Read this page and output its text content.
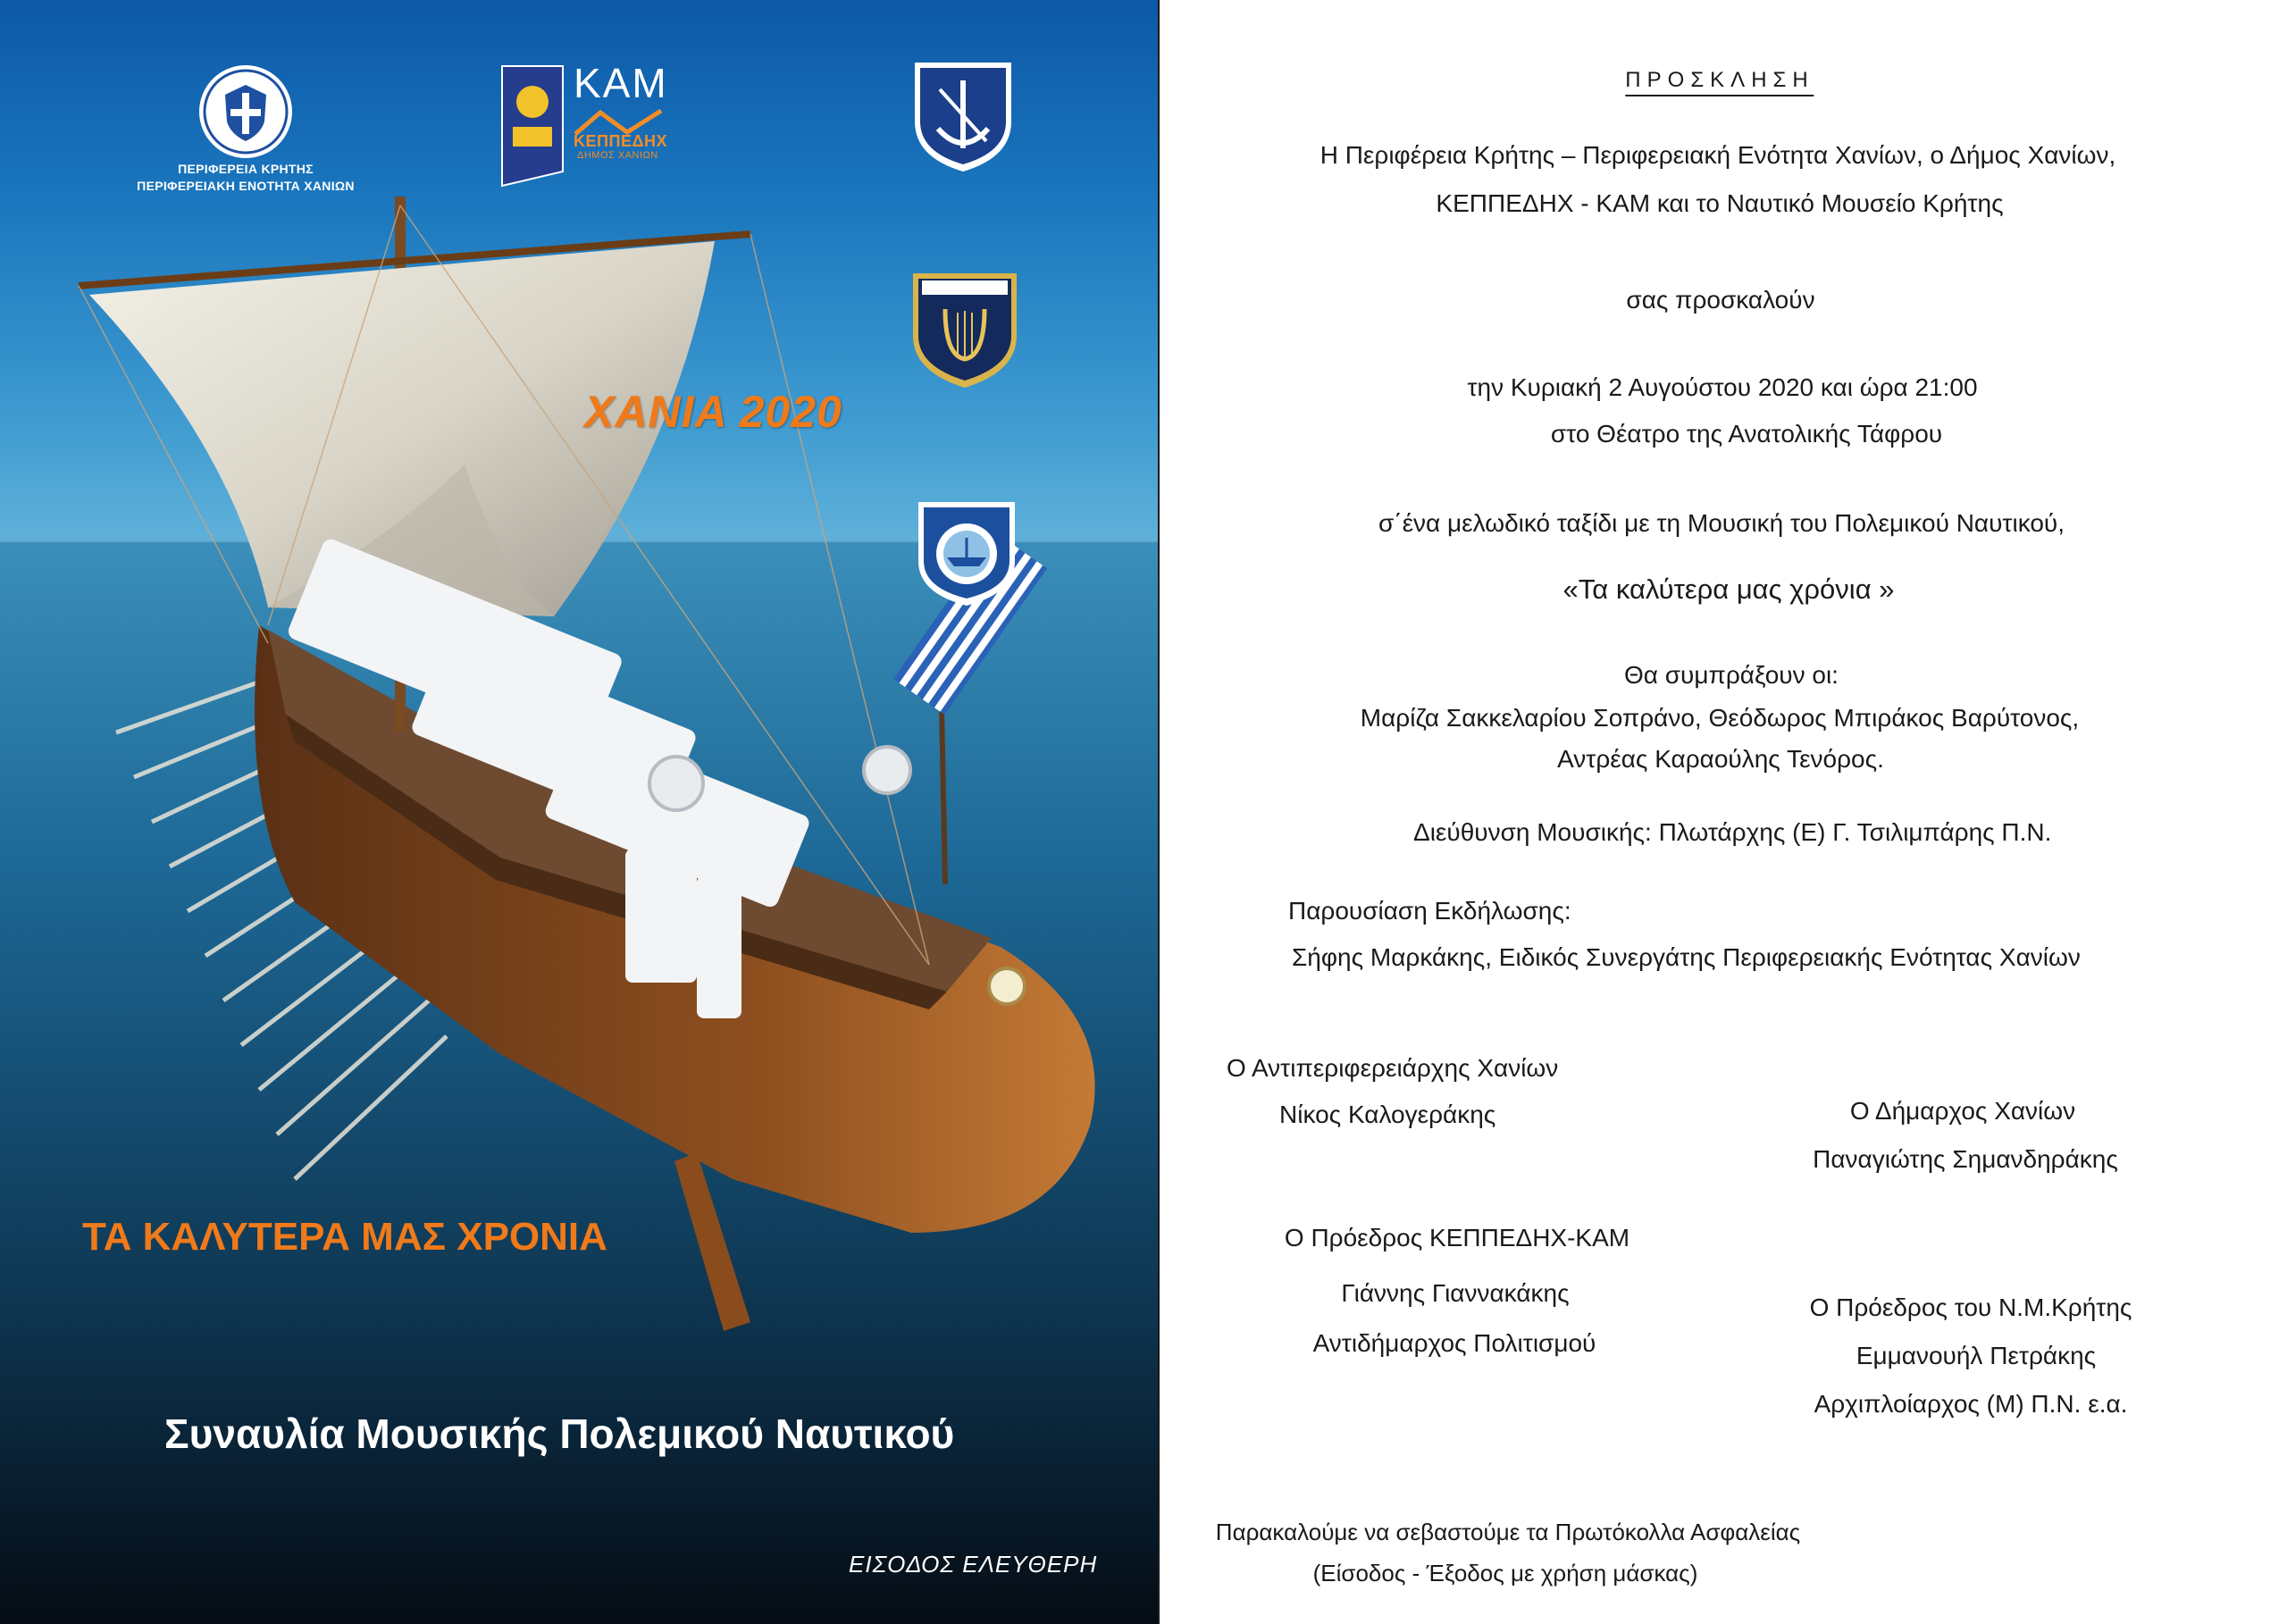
ΠΕΡΙΦΕΡΕΙΑ ΚΡΗΤΗΣ
ΠΕΡΙΦΕΡΕΙΑΚΗ ΕΝΟΤΗΤΑ ΧΑΝΙΩΝ
ΚΑΜ
ΚΕΠΠΕΔΗΧ
ΔΗΜΟΣ ΧΑΝΙΩΝ
ΧΑΝΙΑ 2020
ΤΑ ΚΑΛΥΤΕΡΑ ΜΑΣ ΧΡΟΝΙΑ
Συναυλία Μουσικής Πολεμικού Ναυτικού
ΕΙΣΟΔΟΣ ΕΛΕΥΘΕΡΗ
ΠΡΟΣΚΛΗΣΗ
Η Περιφέρεια Κρήτης – Περιφερειακή Ενότητα Χανίων, ο Δήμος Χανίων,
ΚΕΠΠΕΔΗΧ - ΚΑΜ και το Ναυτικό Μουσείο Κρήτης
σας προσκαλούν
την Κυριακή 2 Αυγούστου 2020 και ώρα 21:00
στο Θέατρο της Ανατολικής Τάφρου
σ΄ένα μελωδικό ταξίδι με τη Μουσική του Πολεμικού Ναυτικού,
«Τα καλύτερα μας χρόνια »
Θα συμπράξουν οι:
Μαρίζα Σακκελαρίου Σοπράνο, Θεόδωρος Μπιράκος Βαρύτονος,
Αντρέας Καραούλης Τενόρος.
Διεύθυνση Μουσικής: Πλωτάρχης (Ε) Γ. Τσιλιμπάρης Π.Ν.
Παρουσίαση Εκδήλωσης:
Σήφης Μαρκάκης, Ειδικός Συνεργάτης Περιφερειακής Ενότητας Χανίων
Ο Αντιπεριφερειάρχης Χανίων
Νίκος Καλογεράκης	Ο Δήμαρχος Χανίων
Παναγιώτης Σημανδηράκης
Ο Πρόεδρος ΚΕΠΠΕΔΗΧ-ΚΑΜ
Γιάννης Γιαννακάκης
Αντιδήμαρχος Πολιτισμού
Ο Πρόεδρος του Ν.Μ.Κρήτης
Εμμανουήλ Πετράκης
Αρχιπλοίαρχος (Μ) Π.Ν. ε.α.
Παρακαλούμε να σεβαστούμε τα Πρωτόκολλα Ασφαλείας
(Είσοδος - Έξοδος με χρήση μάσκας)
